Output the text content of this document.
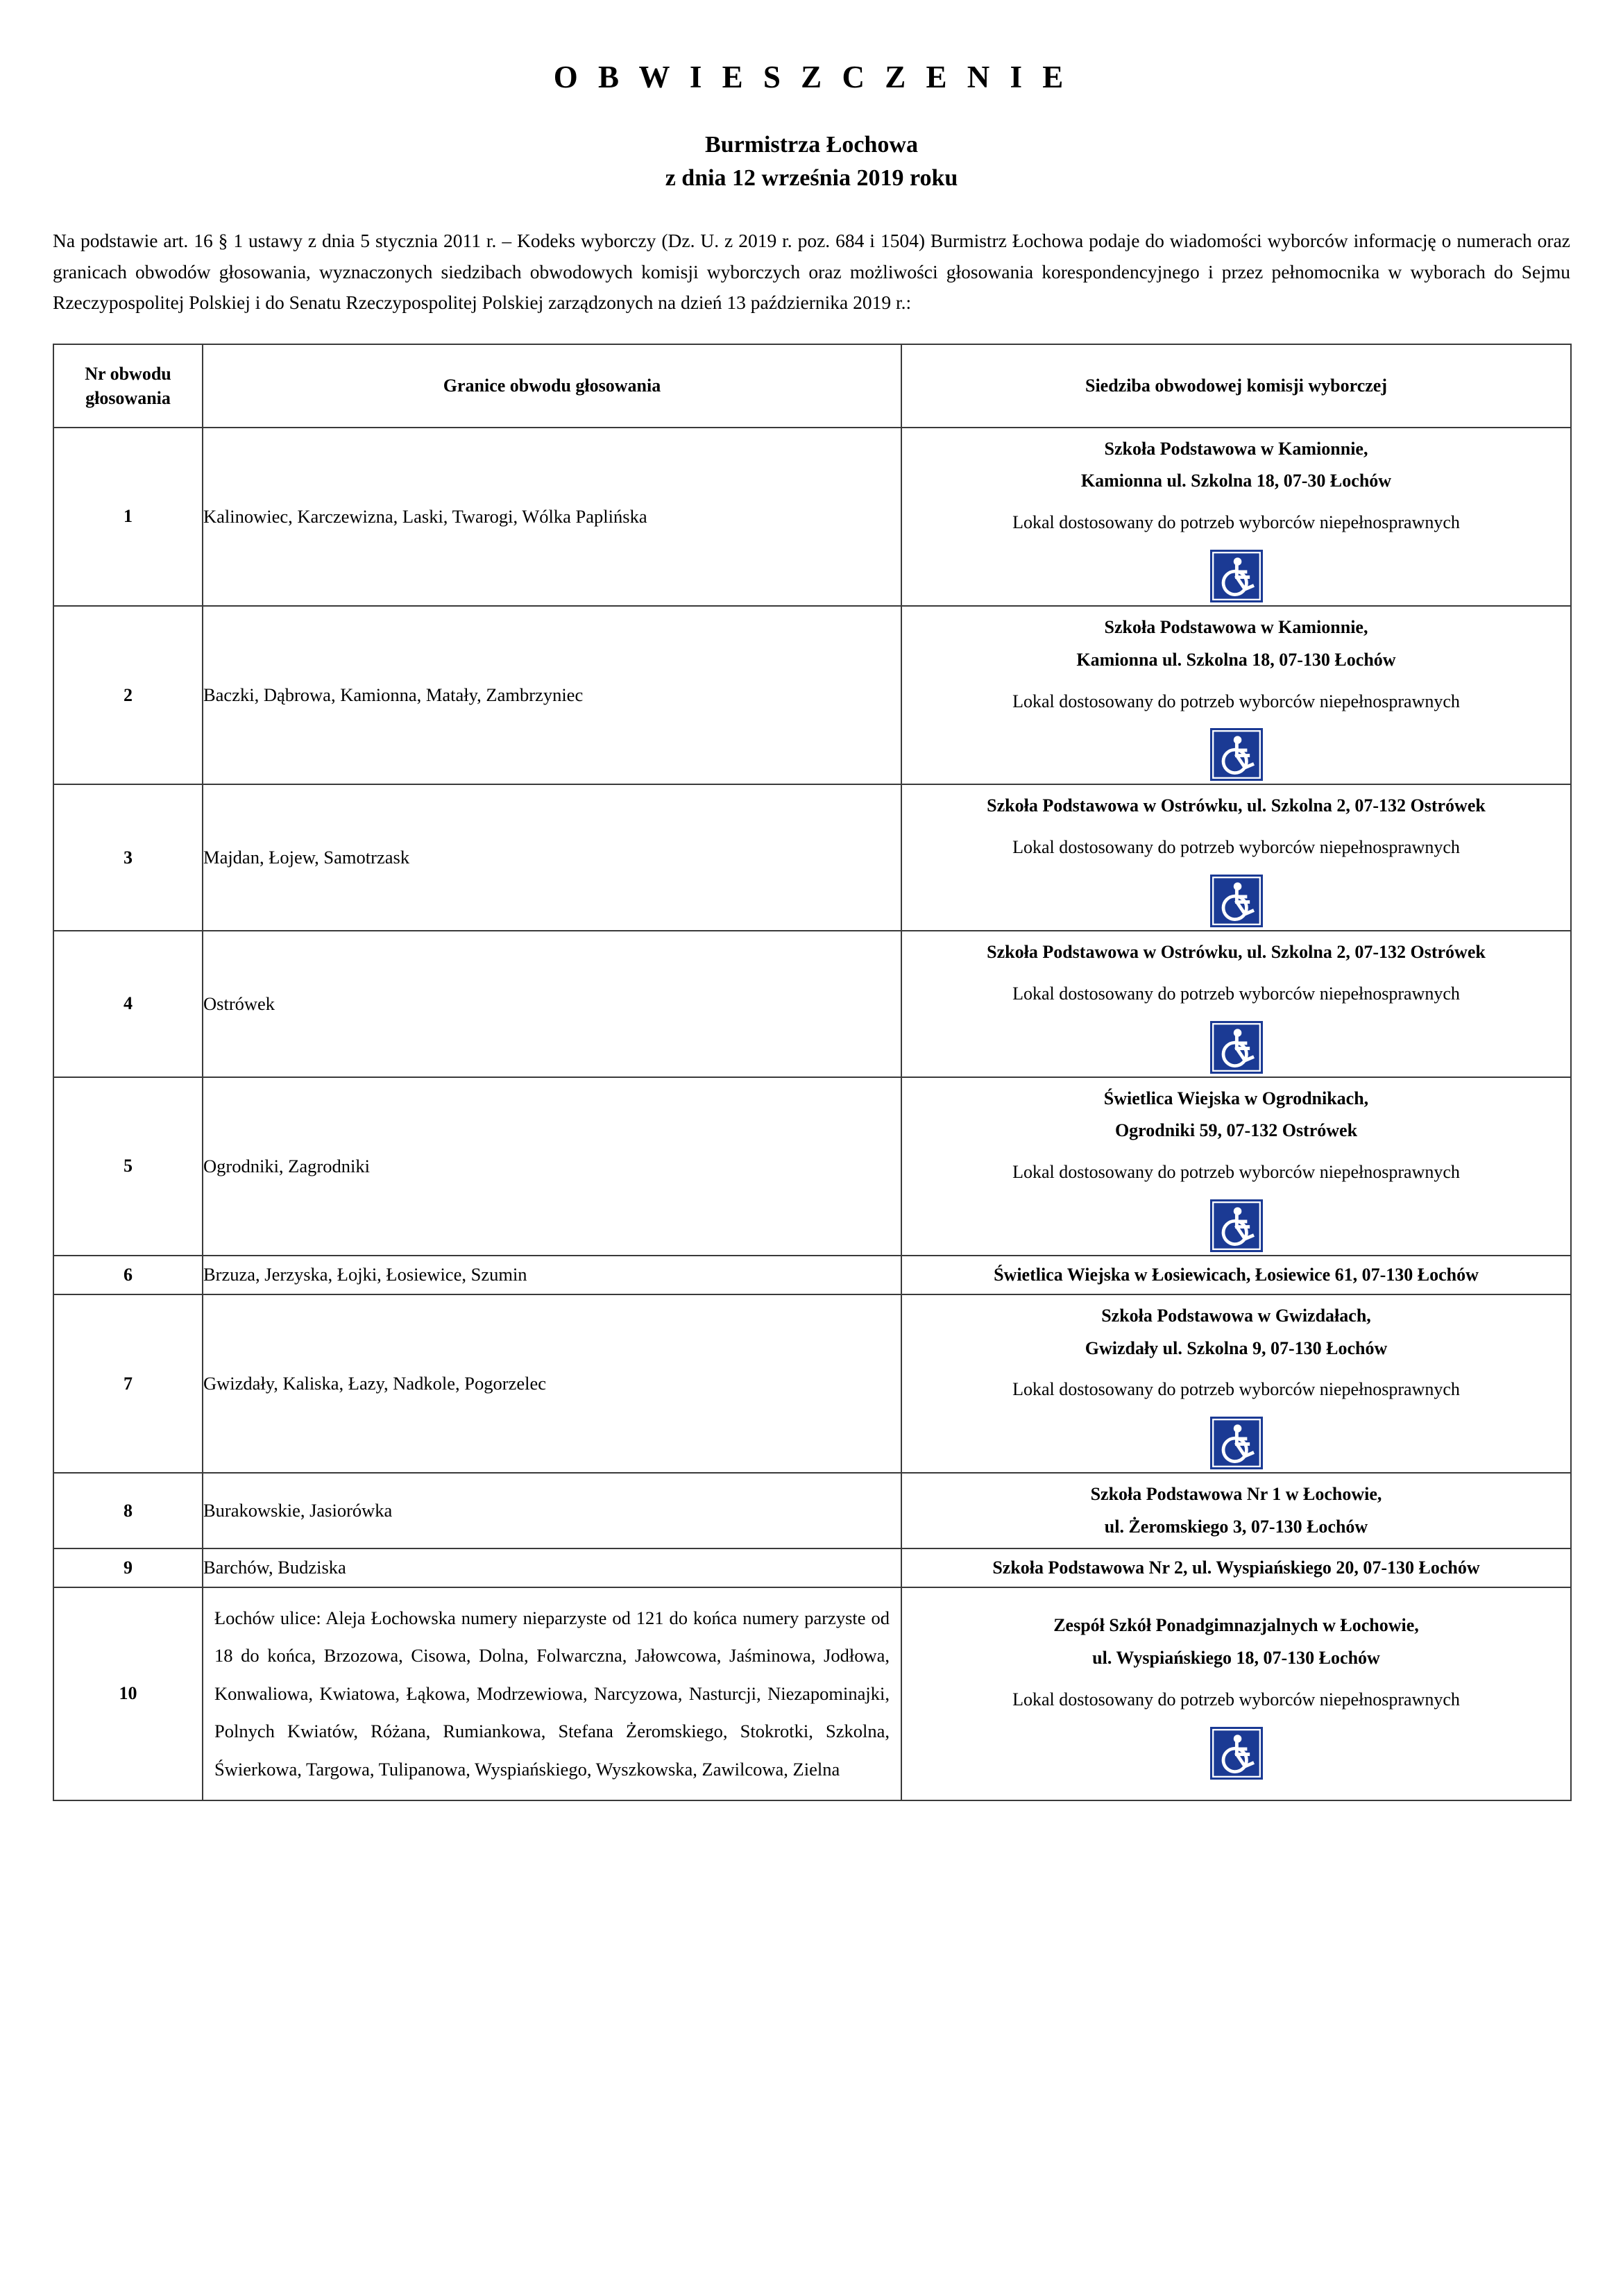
O B W I E S Z C Z E N I E
Burmistrza Łochowa
z dnia 12 września 2019 roku

Na podstawie art. 16 § 1 ustawy z dnia 5 stycznia 2011 r. – Kodeks wyborczy (Dz. U. z 2019 r. poz. 684 i 1504) Burmistrz Łochowa podaje do wiadomości wyborców informację o numerach oraz granicach obwodów głosowania, wyznaczonych siedzibach obwodowych komisji wyborczych oraz możliwości głosowania korespondencyjnego i przez pełnomocnika w wyborach do Sejmu Rzeczypospolitej Polskiej i do Senatu Rzeczypospolitej Polskiej zarządzonych na dzień 13 października 2019 r.:

Nr obwodu
głosowania	Granice obwodu głosowania	Siedziba obwodowej komisji wyborczej

1	Kalinowiec, Karczewizna, Laski, Twarogi, Wólka Paplińska	Szkoła Podstawowa w Kamionnie,
Kamionna ul. Szkolna 18, 07-30 Łochów
Lokal dostosowany do potrzeb wyborców niepełnosprawnych

2	Baczki, Dąbrowa, Kamionna, Matały, Zambrzyniec	Szkoła Podstawowa w Kamionnie,
Kamionna ul. Szkolna 18, 07-130 Łochów
Lokal dostosowany do potrzeb wyborców niepełnosprawnych

3	Majdan, Łojew, Samotrzask	Szkoła Podstawowa w Ostrówku, ul. Szkolna 2, 07-132 Ostrówek
Lokal dostosowany do potrzeb wyborców niepełnosprawnych

4	Ostrówek	Szkoła Podstawowa w Ostrówku, ul. Szkolna 2, 07-132 Ostrówek
Lokal dostosowany do potrzeb wyborców niepełnosprawnych

5	Ogrodniki, Zagrodniki	Świetlica Wiejska w Ogrodnikach,
Ogrodniki 59, 07-132 Ostrówek
Lokal dostosowany do potrzeb wyborców niepełnosprawnych

6	Brzuza, Jerzyska, Łojki, Łosiewice, Szumin	Świetlica Wiejska w Łosiewicach, Łosiewice 61, 07-130 Łochów

7	Gwizdały, Kaliska, Łazy, Nadkole, Pogorzelec	Szkoła Podstawowa w Gwizdałach,
Gwizdały ul. Szkolna 9, 07-130 Łochów
Lokal dostosowany do potrzeb wyborców niepełnosprawnych

8	Burakowskie, Jasiorówka	Szkoła Podstawowa Nr 1 w Łochowie,
ul. Żeromskiego 3, 07-130 Łochów

9	Barchów, Budziska	Szkoła Podstawowa Nr 2, ul. Wyspiańskiego 20, 07-130 Łochów

10	Łochów ulice: Aleja Łochowska numery nieparzyste od 121 do końca numery parzyste od 18 do końca, Brzozowa, Cisowa, Dolna, Folwarczna, Jałowcowa, Jaśminowa, Jodłowa, Konwaliowa, Kwiatowa, Łąkowa, Modrzewiowa, Narcyzowa, Nasturcji, Niezapominajki, Polnych Kwiatów, Różana, Rumiankowa, Stefana Żeromskiego, Stokrotki, Szkolna, Świerkowa, Targowa, Tulipanowa, Wyspiańskiego, Wyszkowska, Zawilcowa, Zielna	
Zespół Szkół Ponadgimnazjalnych w Łochowie,
ul. Wyspiańskiego 18, 07-130 Łochów
Lokal dostosowany do potrzeb wyborców niepełnosprawnych
